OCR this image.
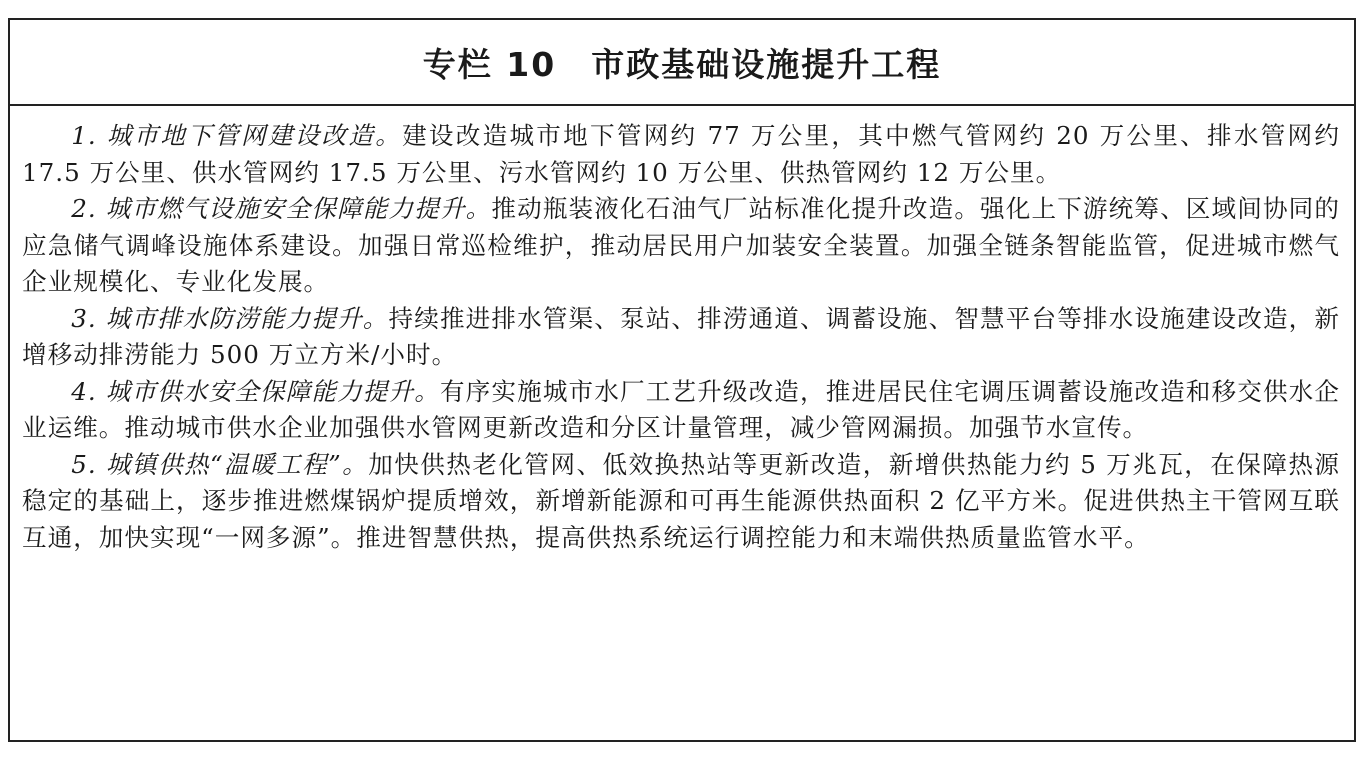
专栏 10　市政基础设施提升工程

1. 城市地下管网建设改造。建设改造城市地下管网约 77 万公里，其中燃气管网约 20 万公里、排水管网约 17.5 万公里、供水管网约 17.5 万公里、污水管网约 10 万公里、供热管网约 12 万公里。

2. 城市燃气设施安全保障能力提升。推动瓶装液化石油气厂站标准化提升改造。强化上下游统筹、区域间协同的应急储气调峰设施体系建设。加强日常巡检维护，推动居民用户加装安全装置。加强全链条智能监管，促进城市燃气企业规模化、专业化发展。

3. 城市排水防涝能力提升。持续推进排水管渠、泵站、排涝通道、调蓄设施、智慧平台等排水设施建设改造，新增移动排涝能力 500 万立方米/小时。

4. 城市供水安全保障能力提升。有序实施城市水厂工艺升级改造，推进居民住宅调压调蓄设施改造和移交供水企业运维。推动城市供水企业加强供水管网更新改造和分区计量管理，减少管网漏损。加强节水宣传。

5. 城镇供热“温暖工程”。加快供热老化管网、低效换热站等更新改造，新增供热能力约 5 万兆瓦，在保障热源稳定的基础上，逐步推进燃煤锅炉提质增效，新增新能源和可再生能源供热面积 2 亿平方米。促进供热主干管网互联互通，加快实现“一网多源”。推进智慧供热，提高供热系统运行调控能力和末端供热质量监管水平。
